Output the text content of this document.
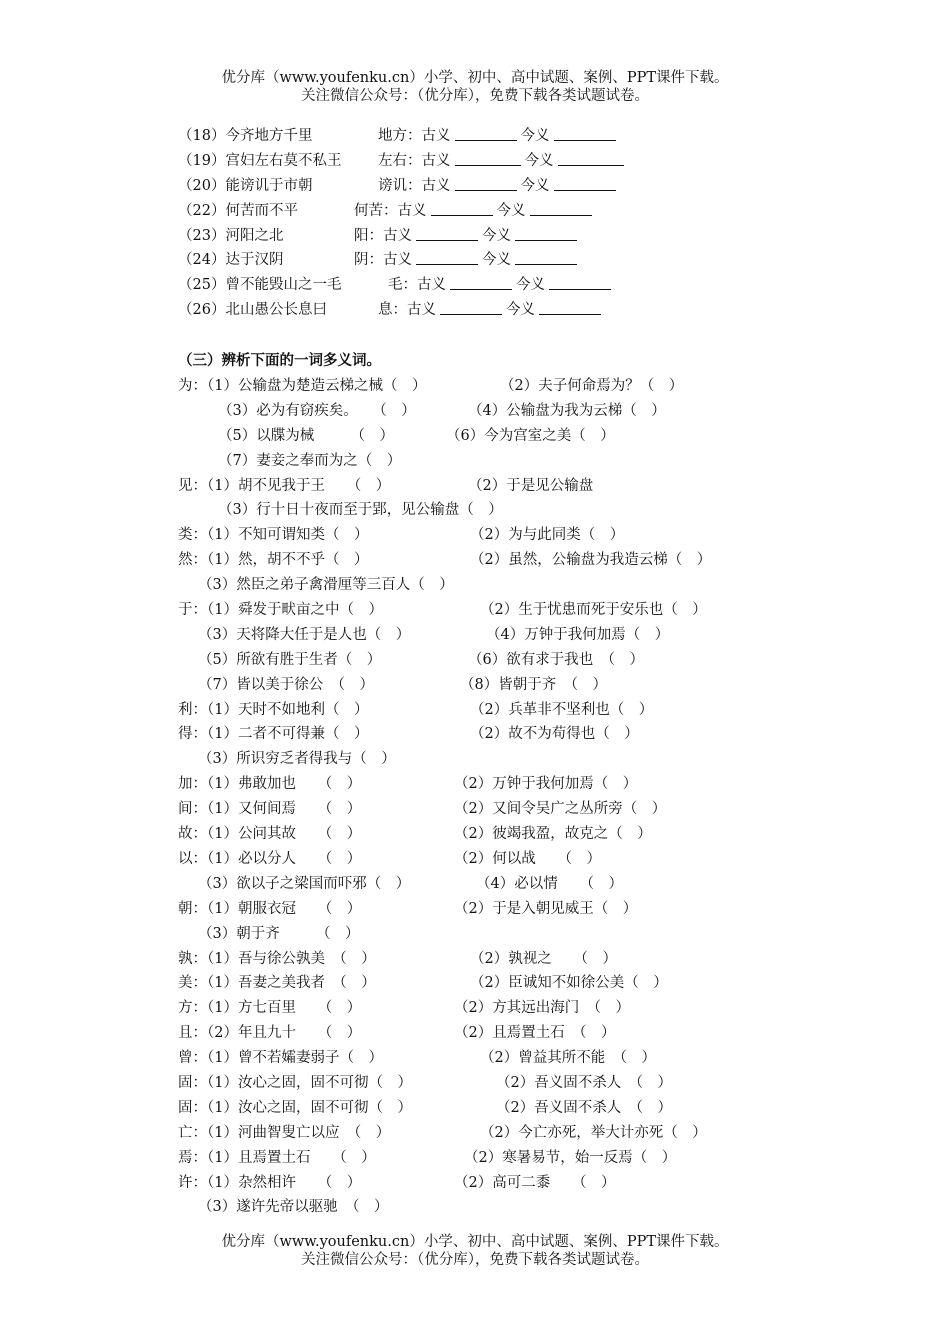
优分库（www.youfenku.cn）小学、初中、高中试题、案例、PPT课件下载。
关注微信公众号：（优分库），免费下载各类试题试卷。
（18）今齐地方千里	地方：古义	今义
（19）宫妇左右莫不私王	左右：古义	今义
（20）能谤讥于市朝	谤讥：古义	今义
（22）何苦而不平	何苦：古义	今义
（23）河阳之北	阳：古义	今义
（24）达于汉阴	阴：古义	今义
（25）曾不能毁山之一毛	毛：古义	今义
（26）北山愚公长息曰	息：古义	今义
（三）辨析下面的一词多义词。
为：（1）公输盘为楚造云梯之械（　）	（2）夫子何命焉为？（　）
（3）必为有窃疾矣。　　（　）	（4）公输盘为我为云梯（　）
（5）以牒为械　　　（　）	（6）今为宫室之美（　）
（7）妻妾之奉而为之（　）
见：（1）胡不见我于王　　（　）	（2）于是见公输盘
（3）行十日十夜而至于郢，见公输盘（　）
类：（1）不知可谓知类（　）	（2）为与此同类（　）
然：（1）然，胡不不乎（　）	（2）虽然，公输盘为我造云梯（　）
（3）然臣之弟子禽滑厘等三百人（　）
于：（1）舜发于畎亩之中（　）	（2）生于忧患而死于安乐也（　）
（3）天将降大任于是人也（　）	（4）万钟于我何加焉（　）
（5）所欲有胜于生者（　）	（6）欲有求于我也　（　）
（7）皆以美于徐公　（　）	（8）皆朝于齐　（　）
利：（1）天时不如地利（　）	（2）兵革非不坚利也（　）
得：（1）二者不可得兼（　）	（2）故不为苟得也（　）
（3）所识穷乏者得我与（　）
加：（1）弗敢加也　　（　）	（2）万钟于我何加焉（　）
间：（1）又何间焉　　（　）	（2）又间令吴广之丛所旁（　）
故：（1）公问其故　　（　）	（2）彼竭我盈，故克之（　）
以：（1）必以分人　　（　）	（2）何以战　　（　）
（3）欲以子之梁国而吓邪（　）	（4）必以情　　（　）
朝：（1）朝服衣冠　　（　）	（2）于是入朝见威王（　）
（3）朝于齐　　　（　）
孰：（1）吾与徐公孰美　（　）	（2）孰视之　　（　）
美：（1）吾妻之美我者　（　）	（2）臣诚知不如徐公美（　）
方：（1）方七百里　　（　）	（2）方其远出海门　（　）
且：（2）年且九十　　（　）	（2）且焉置土石　（　）
曾：（1）曾不若孀妻弱子（　）	（2）曾益其所不能　（　）
固：（1）汝心之固，固不可彻（　）	（2）吾义固不杀人　（　）
固：（1）汝心之固，固不可彻（　）	（2）吾义固不杀人　（　）
亡：（1）河曲智叟亡以应　（　）	（2）今亡亦死，举大计亦死（　）
焉：（1）且焉置土石　　（　）	（2）寒暑易节，始一反焉（　）
许：（1）杂然相许　　（　）	（2）高可二黍　　（　）
（3）遂许先帝以驱驰　（　）
优分库（www.youfenku.cn）小学、初中、高中试题、案例、PPT课件下载。
关注微信公众号：（优分库），免费下载各类试题试卷。
